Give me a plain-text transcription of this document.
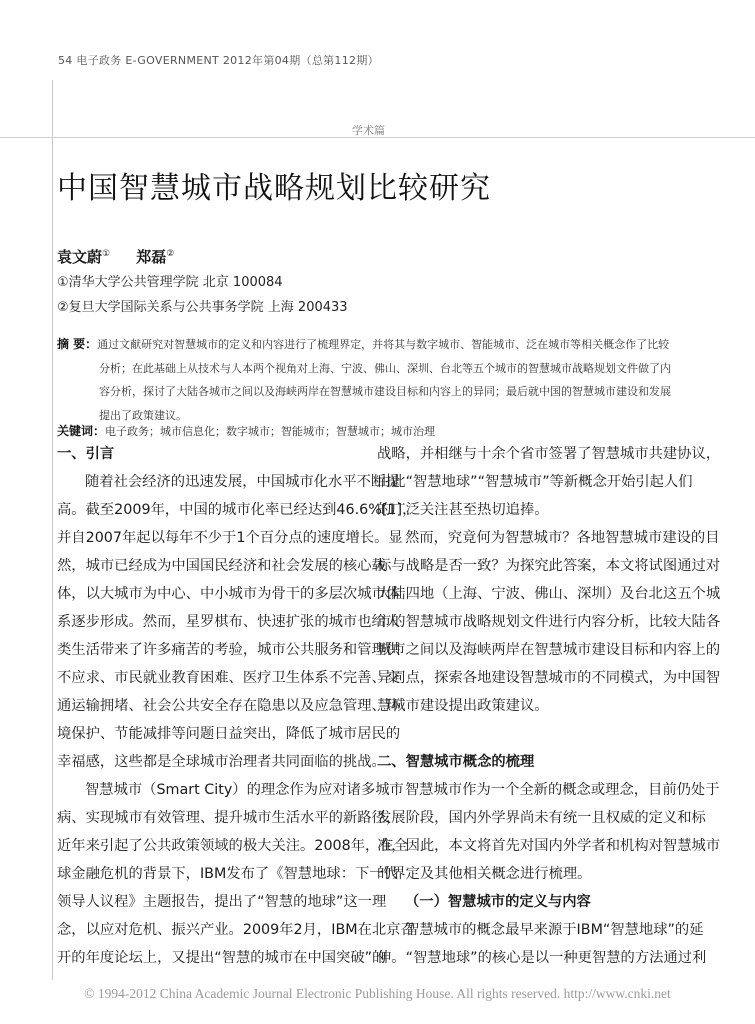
54 电子政务 E-GOVERNMENT 2012年第04期（总第112期）
学术篇
中国智慧城市战略规划比较研究
袁文蔚① 郑磊②
①清华大学公共管理学院 北京 100084
②复旦大学国际关系与公共事务学院 上海 200433
摘 要：通过文献研究对智慧城市的定义和内容进行了梳理界定，并将其与数字城市、智能城市、泛在城市等相关概念作了比较
分析；在此基础上从技术与人本两个视角对上海、宁波、佛山、深圳、台北等五个城市的智慧城市战略规划文件做了内
容分析，探讨了大陆各城市之间以及海峡两岸在智慧城市建设目标和内容上的异同；最后就中国的智慧城市建设和发展
提出了政策建议。
关键词：电子政务；城市信息化；数字城市；智能城市；智慧城市；城市治理
一、引言
随着社会经济的迅速发展，中国城市化水平不断提
高。截至2009年，中国的城市化率已经达到46.6%[1]，
并自2007年起以每年不少于1个百分点的速度增长。显
然，城市已经成为中国国民经济和社会发展的核心载
体，以大城市为中心、中小城市为骨干的多层次城市体
系逐步形成。然而，星罗棋布、快速扩张的城市也给人
类生活带来了许多痛苦的考验，城市公共服务和管理供
不应求、市民就业教育困难、医疗卫生体系不完善、交
通运输拥堵、社会公共安全存在隐患以及应急管理、环
境保护、节能减排等问题日益突出，降低了城市居民的
幸福感，这些都是全球城市治理者共同面临的挑战。
智慧城市（Smart City）的理念作为应对诸多城市
病、实现城市有效管理、提升城市生活水平的新路径，
近年来引起了公共政策领域的极大关注。2008年，在全
球金融危机的背景下，IBM发布了《智慧地球：下一代
领导人议程》主题报告，提出了“智慧的地球”这一理
念，以应对危机、振兴产业。2009年2月，IBM在北京召
开的年度论坛上，又提出“智慧的城市在中国突破”的
战略，并相继与十余个省市签署了智慧城市共建协议，
由此“智慧地球”“智慧城市”等新概念开始引起人们
的广泛关注甚至热切追捧。
然而，究竟何为智慧城市？各地智慧城市建设的目
标与战略是否一致？为探究此答案，本文将试图通过对
大陆四地（上海、宁波、佛山、深圳）及台北这五个城
市的智慧城市战略规划文件进行内容分析，比较大陆各
城市之间以及海峡两岸在智慧城市建设目标和内容上的
异同点，探索各地建设智慧城市的不同模式，为中国智
慧城市建设提出政策建议。
二、智慧城市概念的梳理
智慧城市作为一个全新的概念或理念，目前仍处于
发展阶段，国内外学界尚未有统一且权威的定义和标
准，因此，本文将首先对国内外学者和机构对智慧城市
的界定及其他相关概念进行梳理。
（一）智慧城市的定义与内容
智慧城市的概念最早来源于IBM“智慧地球”的延
伸。“智慧地球”的核心是以一种更智慧的方法通过利
© 1994-2012 China Academic Journal Electronic Publishing House. All rights reserved. http://www.cnki.net
